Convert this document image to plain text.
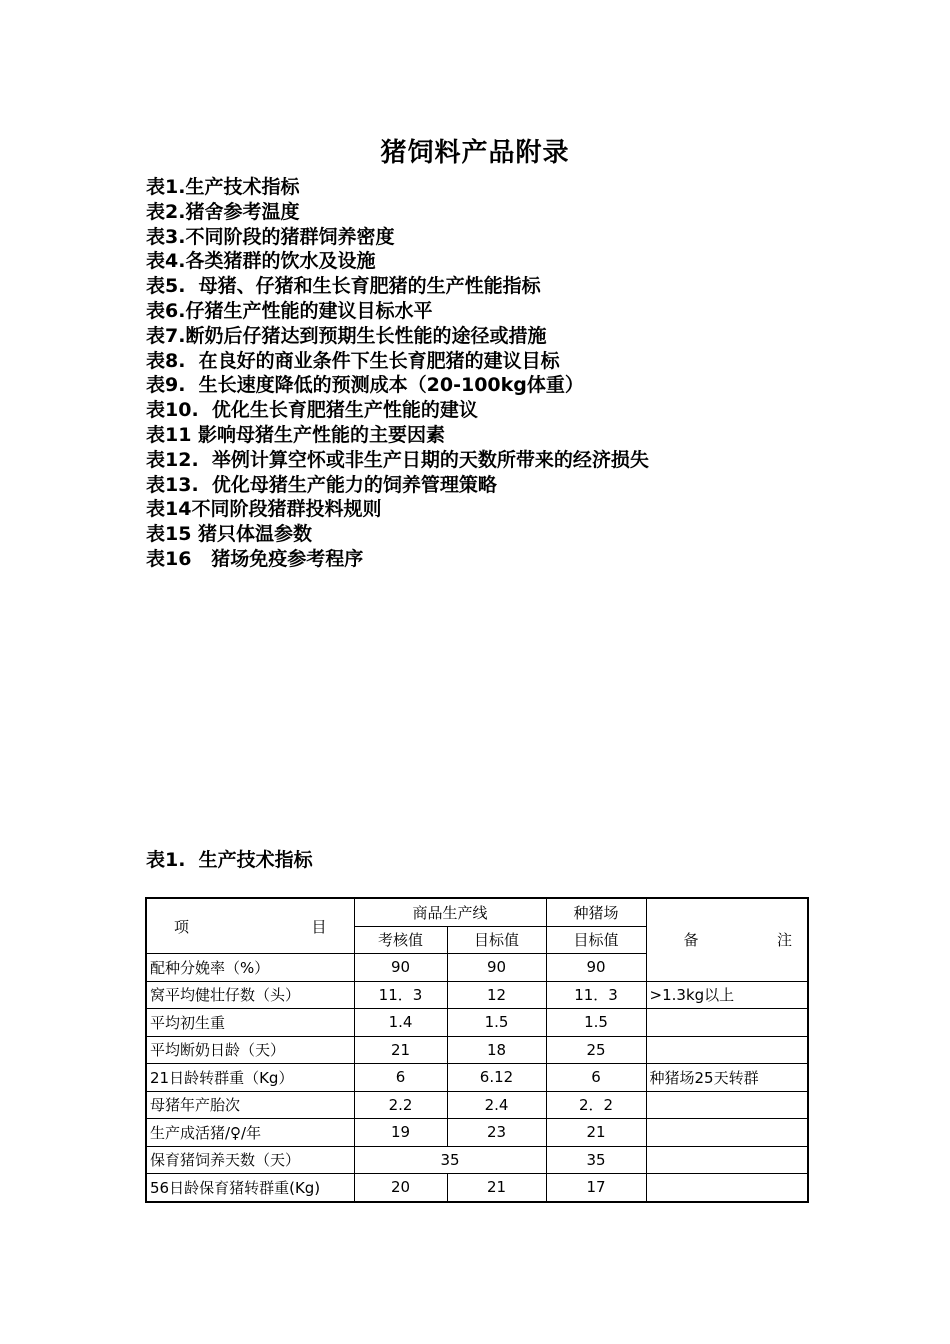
猪饲料产品附录
表1.生产技术指标
表2.猪舍参考温度
表3.不同阶段的猪群饲养密度
表4.各类猪群的饮水及设施
表5.  母猪、仔猪和生长育肥猪的生产性能指标
表6.仔猪生产性能的建议目标水平
表7.断奶后仔猪达到预期生长性能的途径或措施
表8.  在良好的商业条件下生长育肥猪的建议目标
表9.  生长速度降低的预测成本（20-100kg体重）
表10.  优化生长育肥猪生产性能的建议
表11 影响母猪生产性能的主要因素
表12.  举例计算空怀或非生产日期的天数所带来的经济损失
表13.  优化母猪生产能力的饲养管理策略
表14不同阶段猪群投料规则
表15 猪只体温参数
表16   猪场免疫参考程序
表1.  生产技术指标
项 目	商品生产线		种猪场	备 注

	考核值	目标值	目标值	
配种分娩率（%）	90	90	90	
窝平均健壮仔数（头）	11．3	12	11．3	>1.3kg以上
平均初生重	1.4	1.5	1.5	
平均断奶日龄（天）	21	18	25	
21日龄转群重（Kg）	6	6.12	6	种猪场25天转群
母猪年产胎次	2.2	2.4	2．2	
生产成活猪/♀/年	19	23	21	
保育猪饲养天数（天）	35		35	
56日龄保育猪转群重(Kg)	20	21	17	
